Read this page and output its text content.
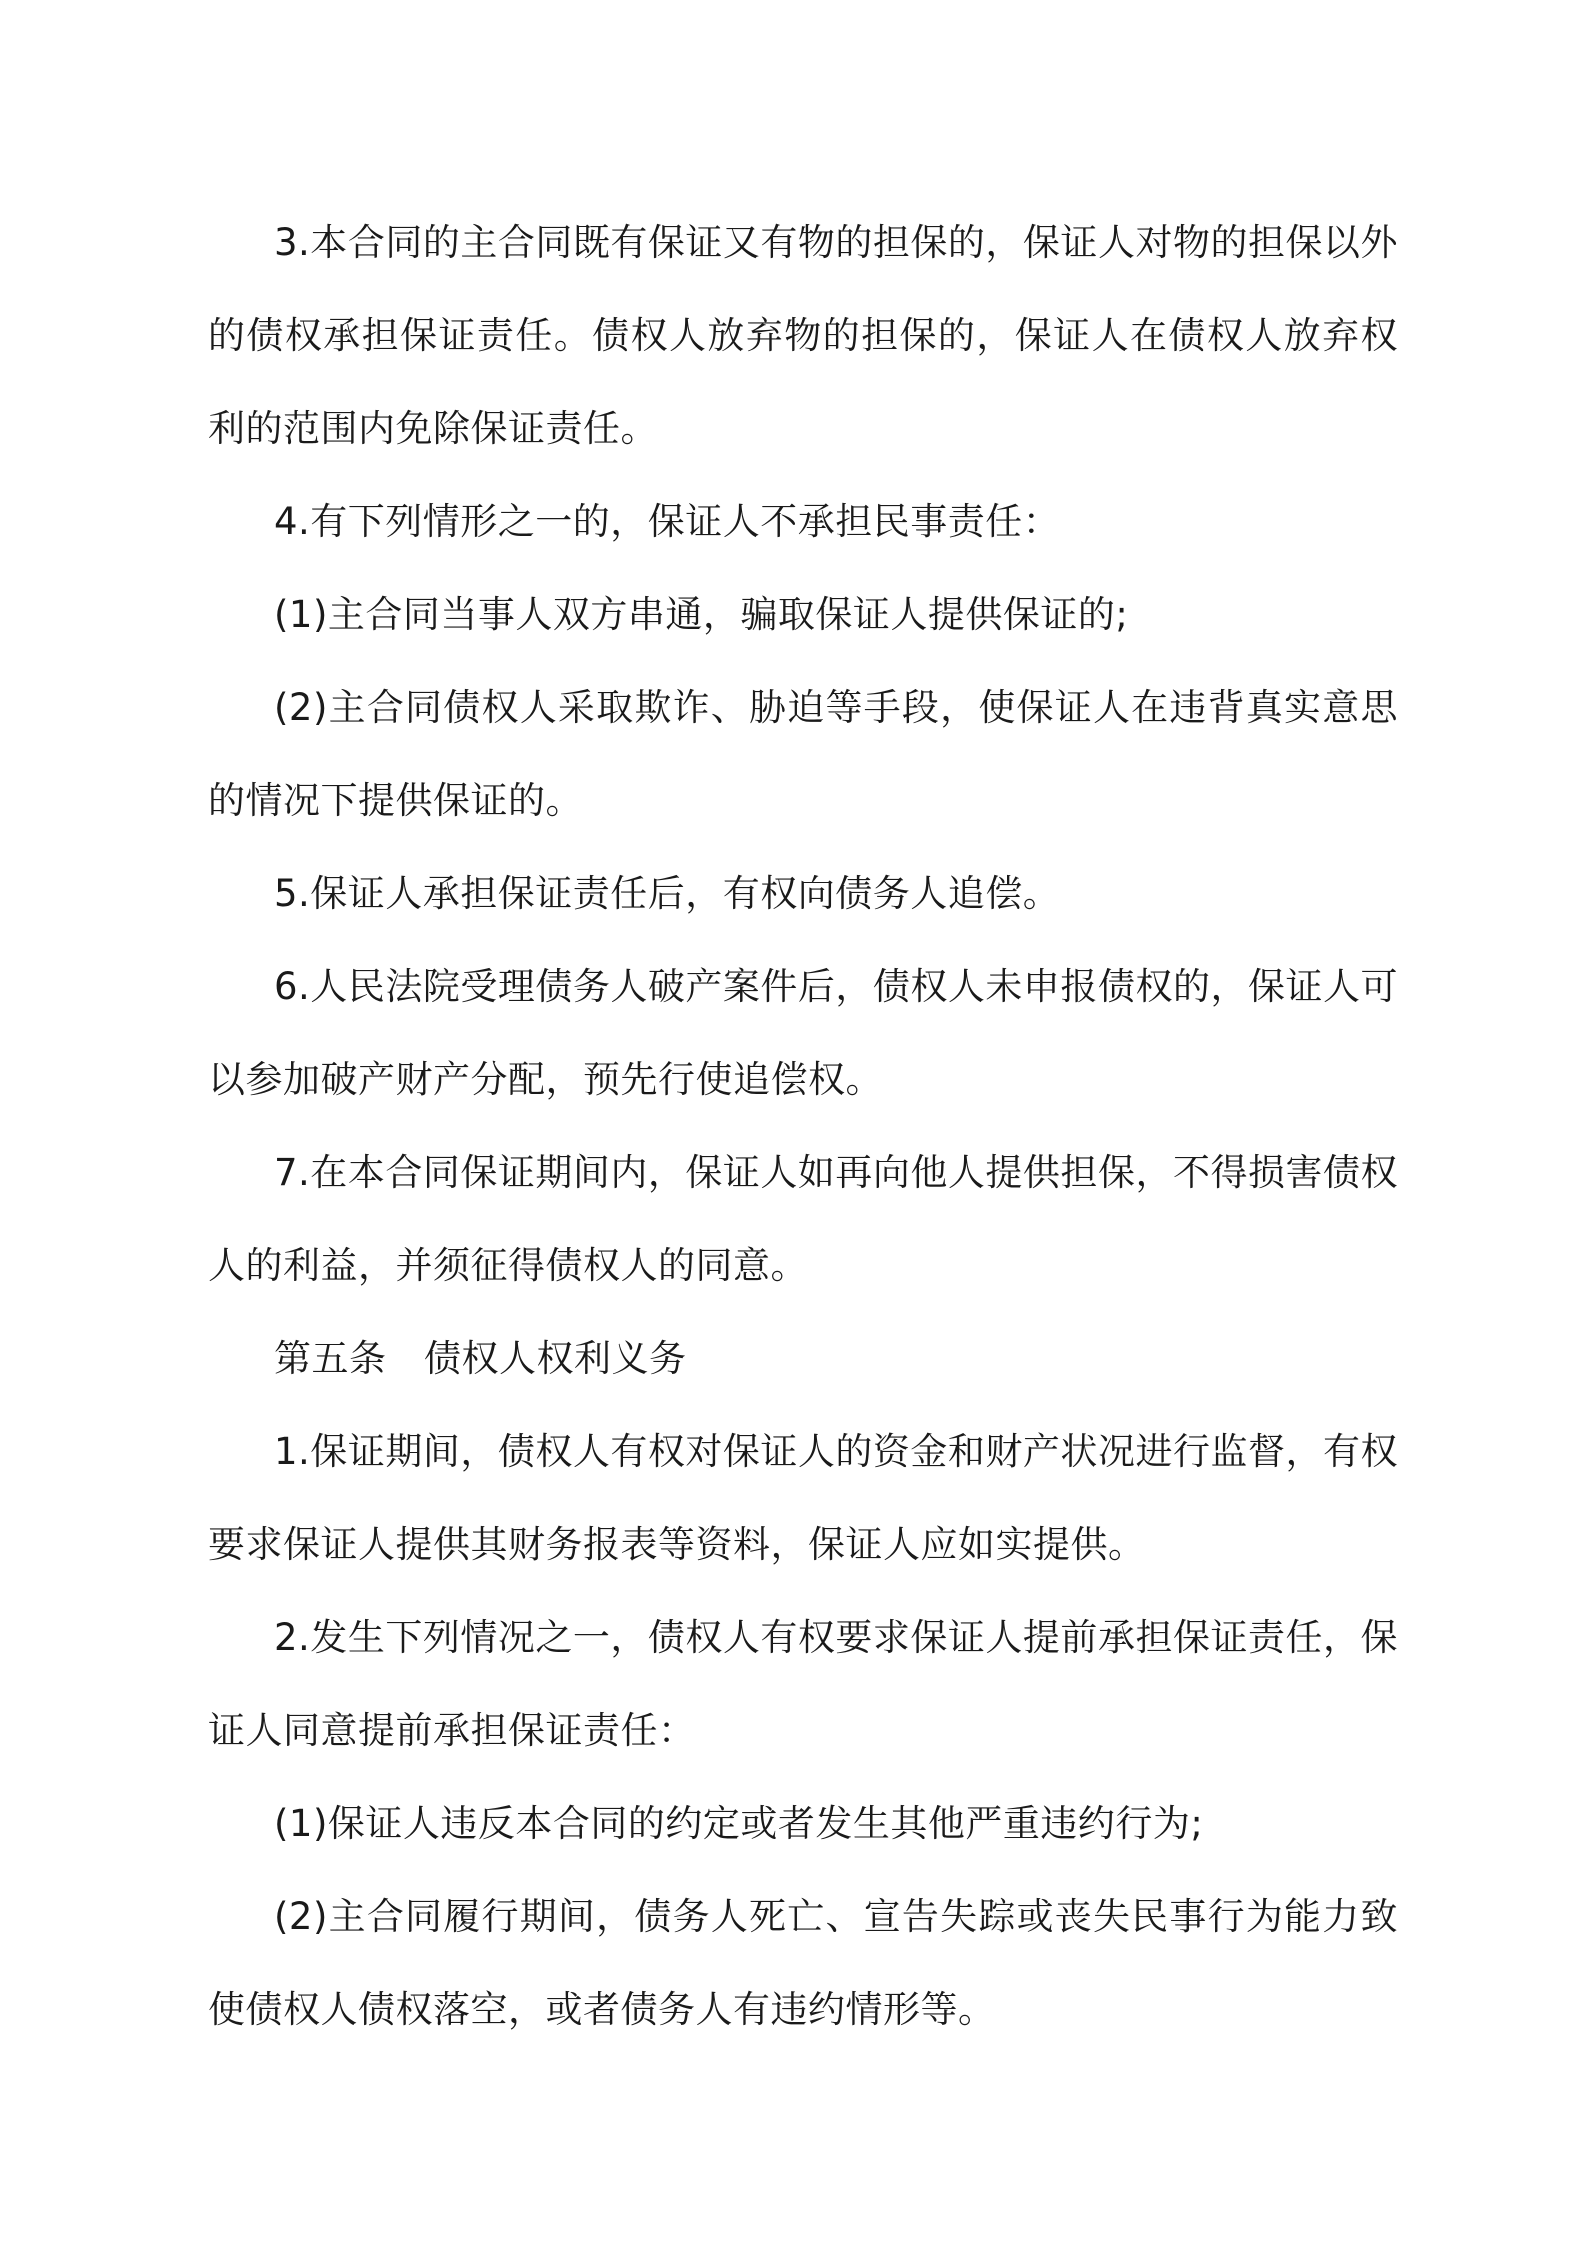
3.本合同的主合同既有保证又有物的担保的，保证人对物的担保以外的债权承担保证责任。债权人放弃物的担保的，保证人在债权人放弃权利的范围内免除保证责任。

4.有下列情形之一的，保证人不承担民事责任：

(1)主合同当事人双方串通，骗取保证人提供保证的;

(2)主合同债权人采取欺诈、胁迫等手段，使保证人在违背真实意思的情况下提供保证的。

5.保证人承担保证责任后，有权向债务人追偿。

6.人民法院受理债务人破产案件后，债权人未申报债权的，保证人可以参加破产财产分配，预先行使追偿权。

7.在本合同保证期间内，保证人如再向他人提供担保，不得损害债权人的利益，并须征得债权人的同意。

第五条　债权人权利义务

1.保证期间，债权人有权对保证人的资金和财产状况进行监督，有权要求保证人提供其财务报表等资料，保证人应如实提供。

2.发生下列情况之一，债权人有权要求保证人提前承担保证责任，保证人同意提前承担保证责任：

(1)保证人违反本合同的约定或者发生其他严重违约行为;

(2)主合同履行期间，债务人死亡、宣告失踪或丧失民事行为能力致使债权人债权落空，或者债务人有违约情形等。
